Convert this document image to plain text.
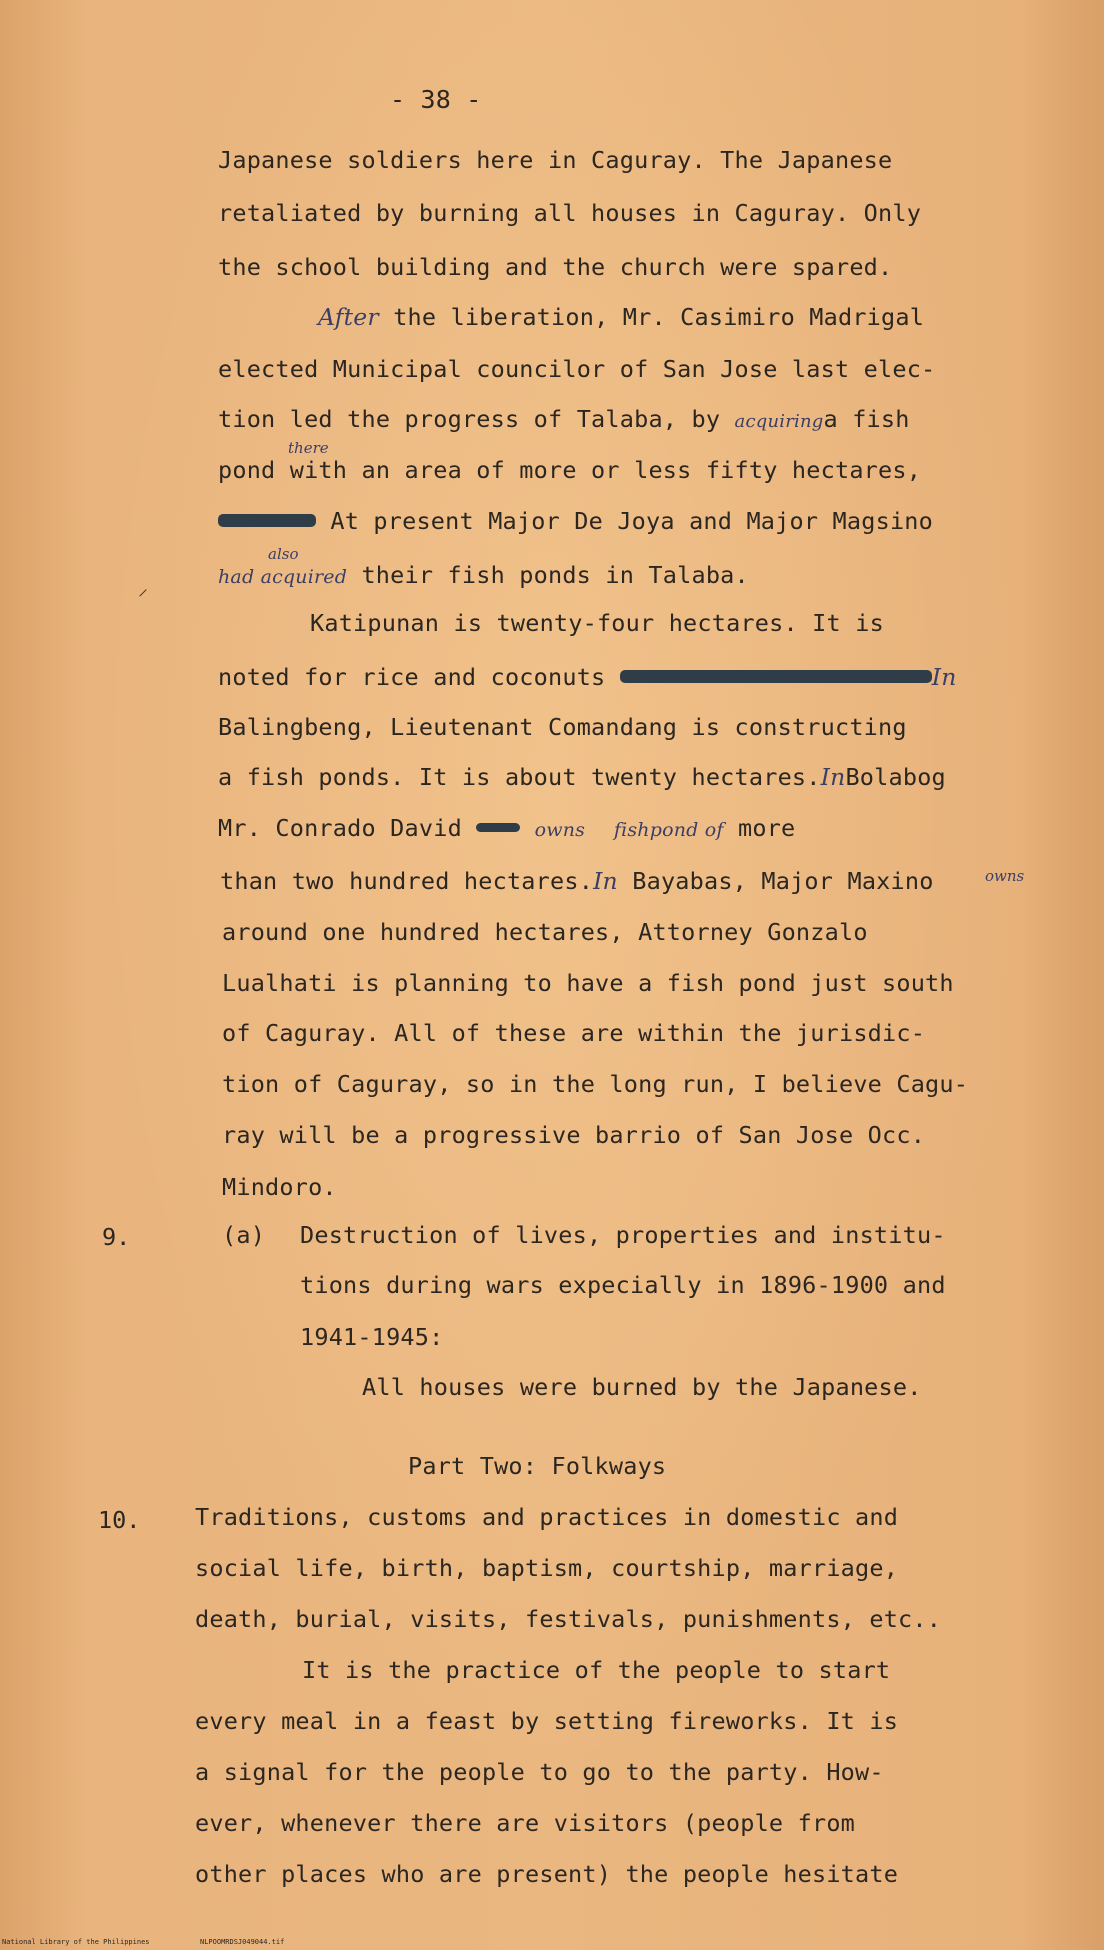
- 38 -
Japanese soldiers here in Caguray. The Japanese
retaliated by burning all houses in Caguray. Only
the school building and the church were spared.
After the liberation, Mr. Casimiro Madrigal
elected Municipal councilor of San Jose last elec-
tion led the progress of Talaba, by acquiringa fish
there
pond with an area of more or less fifty hectares,
At present Major De Joya and Major Magsino
also
⸝	had acquired their fish ponds in Talaba.
Katipunan is twenty-four hectares. It is
noted for rice and coconuts	In
Balingbeng, Lieutenant Comandang is constructing
a fish ponds. It is about twenty hectares.InBolabog
Mr. Conrado David	owns fishpond of more
than two hundred hectares.In Bayabas, Major Maxino	owns
around one hundred hectares, Attorney Gonzalo
Lualhati is planning to have a fish pond just south
of Caguray. All of these are within the jurisdic-
tion of Caguray, so in the long run, I believe Cagu-
ray will be a progressive barrio of San Jose Occ.
Mindoro.
9.	(a) Destruction of lives, properties and institu-
tions during wars expecially in 1896-1900 and
1941-1945:
All houses were burned by the Japanese.
Part Two: Folkways
10. Traditions, customs and practices in domestic and
social life, birth, baptism, courtship, marriage,
death, burial, visits, festivals, punishments, etc..
It is the practice of the people to start
every meal in a feast by setting fireworks. It is
a signal for the people to go to the party. How-
ever, whenever there are visitors (people from
other places who are present) the people hesitate
National Library of the Philippines	NLPOOMRDSJ049044.tif
